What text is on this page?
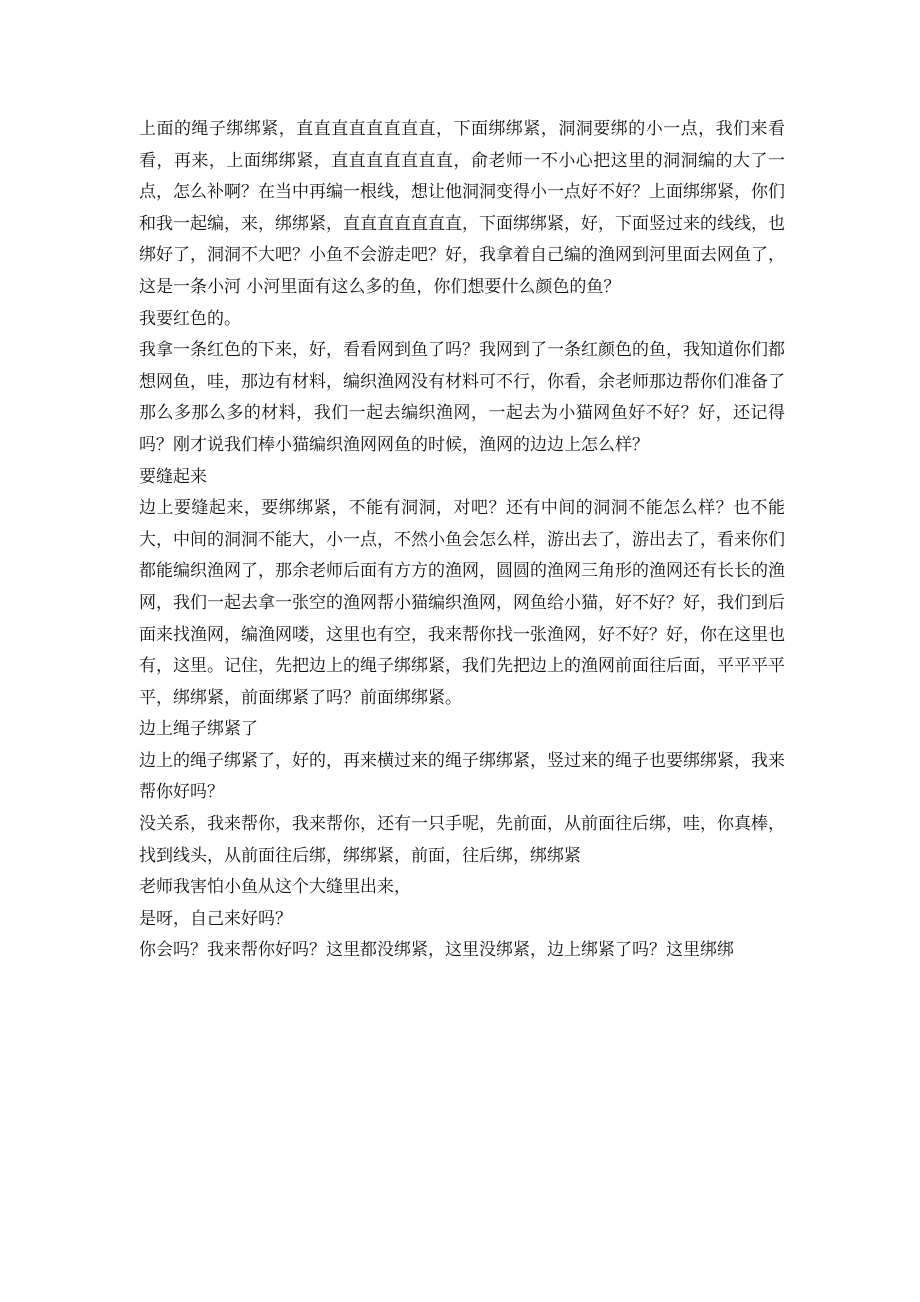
上面的绳子绑绑紧，直直直直直直直直，下面绑绑紧，洞洞要绑的小一点，我们来看看，再来，上面绑绑紧，直直直直直直直，俞老师一不小心把这里的洞洞编的大了一点，怎么补啊？在当中再编一根线，想让他洞洞变得小一点好不好？上面绑绑紧，你们和我一起编，来，绑绑紧，直直直直直直直，下面绑绑紧，好，下面竖过来的线线，也绑好了，洞洞不大吧？小鱼不会游走吧？好，我拿着自己编的渔网到河里面去网鱼了，这是一条小河 小河里面有这么多的鱼，你们想要什么颜色的鱼？

我要红色的。

我拿一条红色的下来，好，看看网到鱼了吗？我网到了一条红颜色的鱼，我知道你们都想网鱼，哇，那边有材料，编织渔网没有材料可不行，你看，余老师那边帮你们准备了那么多那么多的材料，我们一起去编织渔网，一起去为小猫网鱼好不好？好，还记得吗？刚才说我们棒小猫编织渔网网鱼的时候，渔网的边边上怎么样？

要缝起来

边上要缝起来，要绑绑紧，不能有洞洞，对吧？还有中间的洞洞不能怎么样？也不能大，中间的洞洞不能大，小一点，不然小鱼会怎么样，游出去了，游出去了，看来你们都能编织渔网了，那余老师后面有方方的渔网，圆圆的渔网三角形的渔网还有长长的渔网，我们一起去拿一张空的渔网帮小猫编织渔网，网鱼给小猫，好不好？好，我们到后面来找渔网，编渔网喽，这里也有空，我来帮你找一张渔网，好不好？好，你在这里也有，这里。记住，先把边上的绳子绑绑紧，我们先把边上的渔网前面往后面，平平平平平，绑绑紧，前面绑紧了吗？前面绑绑紧。

边上绳子绑紧了

边上的绳子绑紧了，好的，再来横过来的绳子绑绑紧，竖过来的绳子也要绑绑紧，我来帮你好吗？

没关系，我来帮你，我来帮你，还有一只手呢，先前面，从前面往后绑，哇，你真棒，找到线头，从前面往后绑，绑绑紧，前面，往后绑，绑绑紧

老师我害怕小鱼从这个大缝里出来，

是呀，自己来好吗？

你会吗？我来帮你好吗？这里都没绑紧，这里没绑紧，边上绑紧了吗？这里绑绑
